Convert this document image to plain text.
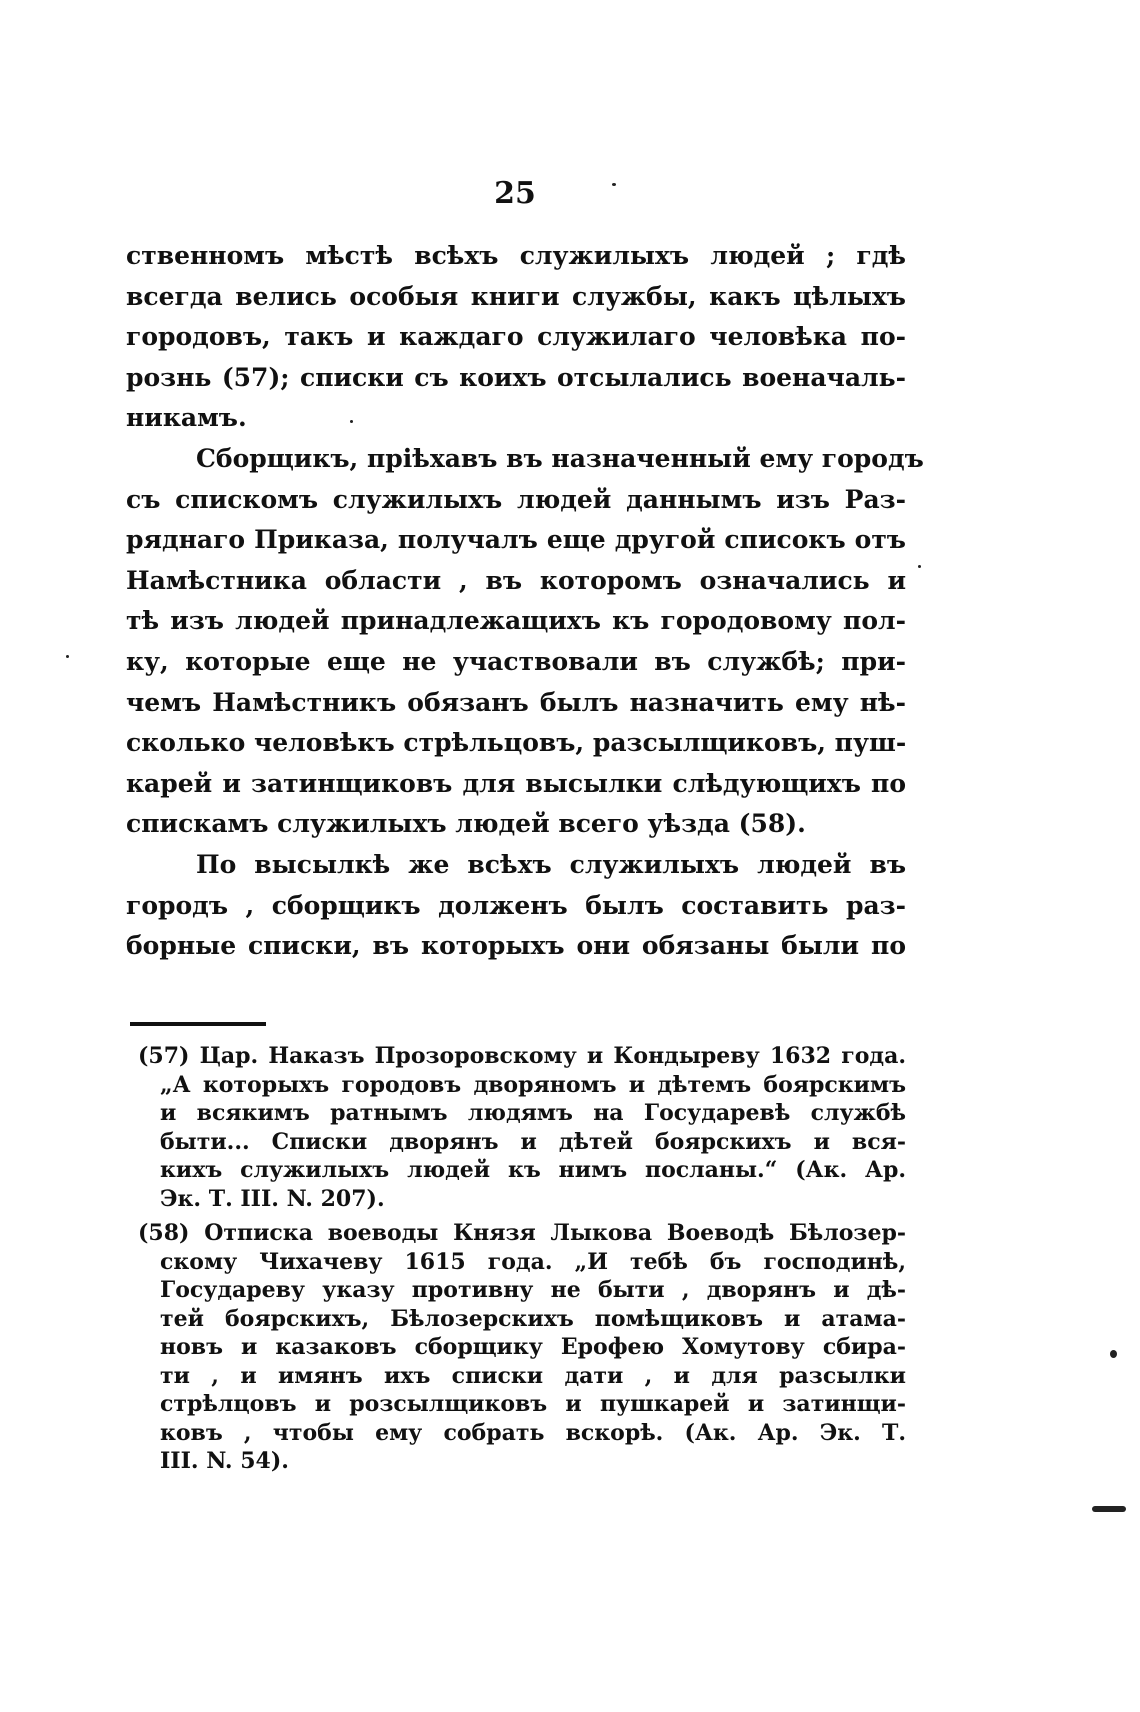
25
ственномъ мѣстѣ всѣхъ служилыхъ людей ; гдѣ
всегда велись особыя книги службы, какъ цѣлыхъ
городовъ, такъ и каждаго служилаго человѣка по-
рознь (57); списки съ коихъ отсылались военачаль-
никамъ.
Сборщикъ, пріѣхавъ въ назначенный ему городъ
съ спискомъ служилыхъ людей даннымъ изъ Раз-
ряднаго Приказа, получалъ еще другой списокъ отъ
Намѣстника области , въ которомъ означались и
тѣ изъ людей принадлежащихъ къ городовому пол-
ку, которые еще не участвовали въ службѣ; при-
чемъ Намѣстникъ обязанъ былъ назначить ему нѣ-
сколько человѣкъ стрѣльцовъ, разсылщиковъ, пуш-
карей и затинщиковъ для высылки слѣдующихъ по
спискамъ служилыхъ людей всего уѣзда (58).
По высылкѣ же всѣхъ служилыхъ людей въ
городъ , сборщикъ долженъ былъ составить раз-
борные списки, въ которыхъ они обязаны были по
(57) Цар. Наказъ Прозоровскому и Кондыреву 1632 года.
„А которыхъ городовъ дворяномъ и дѣтемъ боярскимъ
и всякимъ ратнымъ людямъ на Государевѣ службѣ
быти... Списки дворянъ и дѣтей боярскихъ и вся-
кихъ служилыхъ людей къ нимъ посланы.“ (Ак. Ар.
Эк. Т. III. N. 207).
(58) Отписка воеводы Князя Лыкова Воеводѣ Бѣлозер-
скому Чихачеву 1615 года. „И тебѣ бъ господинѣ,
Государеву указу противну не быти , дворянъ и дѣ-
тей боярскихъ, Бѣлозерскихъ помѣщиковъ и атама-
новъ и казаковъ сборщику Ерофею Хомутову сбира-
ти , и имянъ ихъ списки дати , и для разсылки
стрѣлцовъ и розсылщиковъ и пушкарей и затинщи-
ковъ , чтобы ему собрать вскорѣ. (Ак. Ар. Эк. Т.
III. N. 54).
